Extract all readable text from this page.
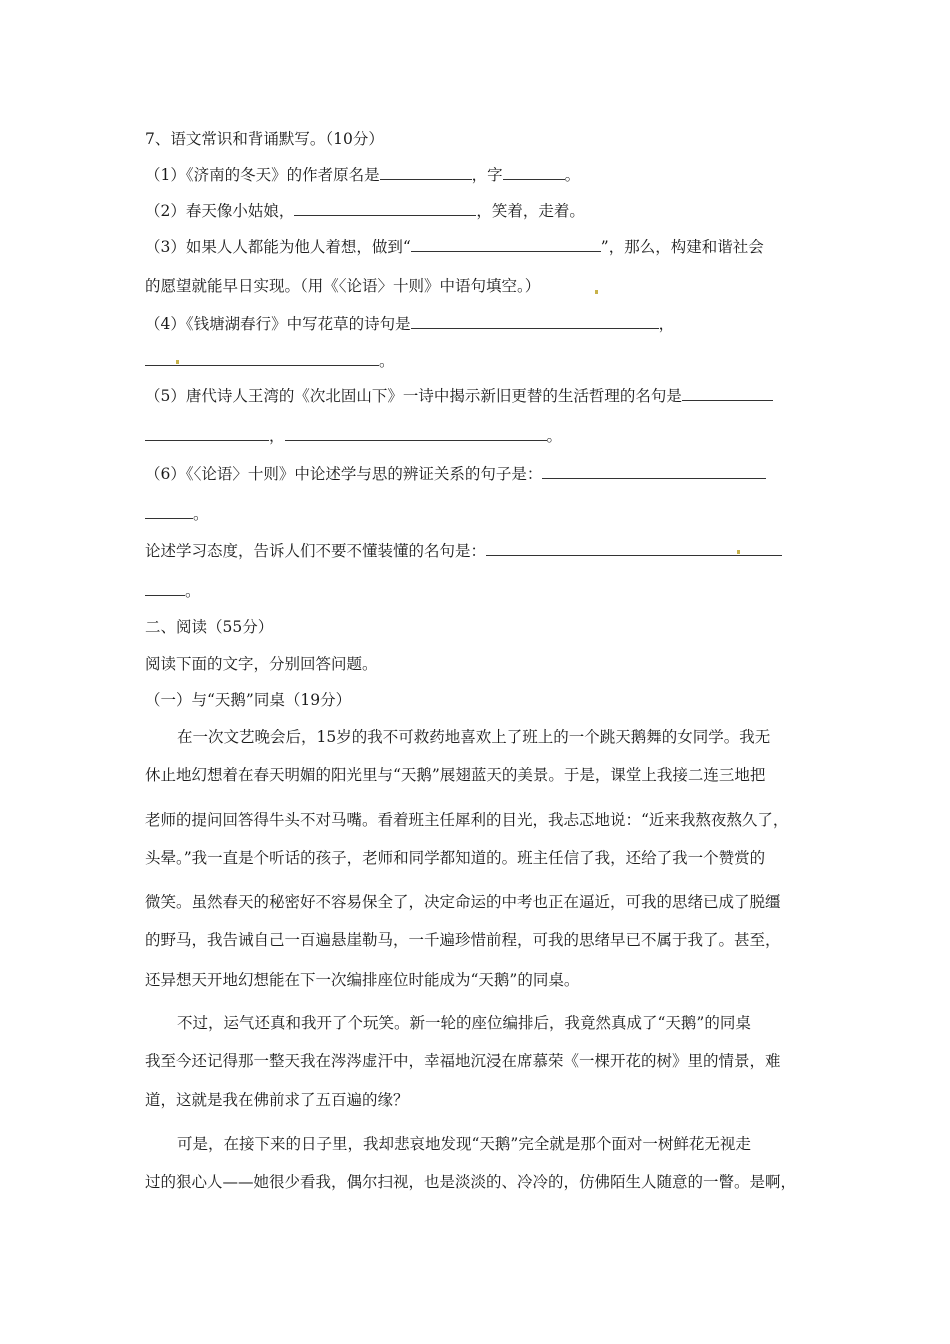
7、语文常识和背诵默写。（10分）
（1）《济南的冬天》的作者原名是	，字	。
（2）春天像小姑娘，	，笑着，走着。
（3）如果人人都能为他人着想，做到“	”，那么，构建和谐社会
的愿望就能早日实现。（用《〈论语〉十则》中语句填空。）
（4）《钱塘湖春行》中写花草的诗句是	，
。
（5）唐代诗人王湾的《次北固山下》一诗中揭示新旧更替的生活哲理的名句是
，	。
（6）《〈论语〉十则》中论述学与思的辨证关系的句子是：
。
论述学习态度，告诉人们不要不懂装懂的名句是：
。
二、阅读（55分）
阅读下面的文字，分别回答问题。
（一）与“天鹅”同桌（19分）
在一次文艺晚会后，15岁的我不可救药地喜欢上了班上的一个跳天鹅舞的女同学。我无
休止地幻想着在春天明媚的阳光里与“天鹅”展翅蓝天的美景。于是，课堂上我接二连三地把
老师的提问回答得牛头不对马嘴。看着班主任犀利的目光，我忐忑地说：“近来我熬夜熬久了，
头晕。”我一直是个听话的孩子，老师和同学都知道的。班主任信了我，还给了我一个赞赏的
微笑。虽然春天的秘密好不容易保全了，决定命运的中考也正在逼近，可我的思绪已成了脱缰
的野马，我告诫自己一百遍悬崖勒马，一千遍珍惜前程，可我的思绪早已不属于我了。甚至，
还异想天开地幻想能在下一次编排座位时能成为“天鹅”的同桌。
不过，运气还真和我开了个玩笑。新一轮的座位编排后，我竟然真成了“天鹅”的同桌
我至今还记得那一整天我在涔涔虚汗中，幸福地沉浸在席慕荣《一棵开花的树》里的情景，难
道，这就是我在佛前求了五百遍的缘？
可是，在接下来的日子里，我却悲哀地发现“天鹅”完全就是那个面对一树鲜花无视走
过的狠心人——她很少看我，偶尔扫视，也是淡淡的、冷冷的，仿佛陌生人随意的一瞥。是啊，
